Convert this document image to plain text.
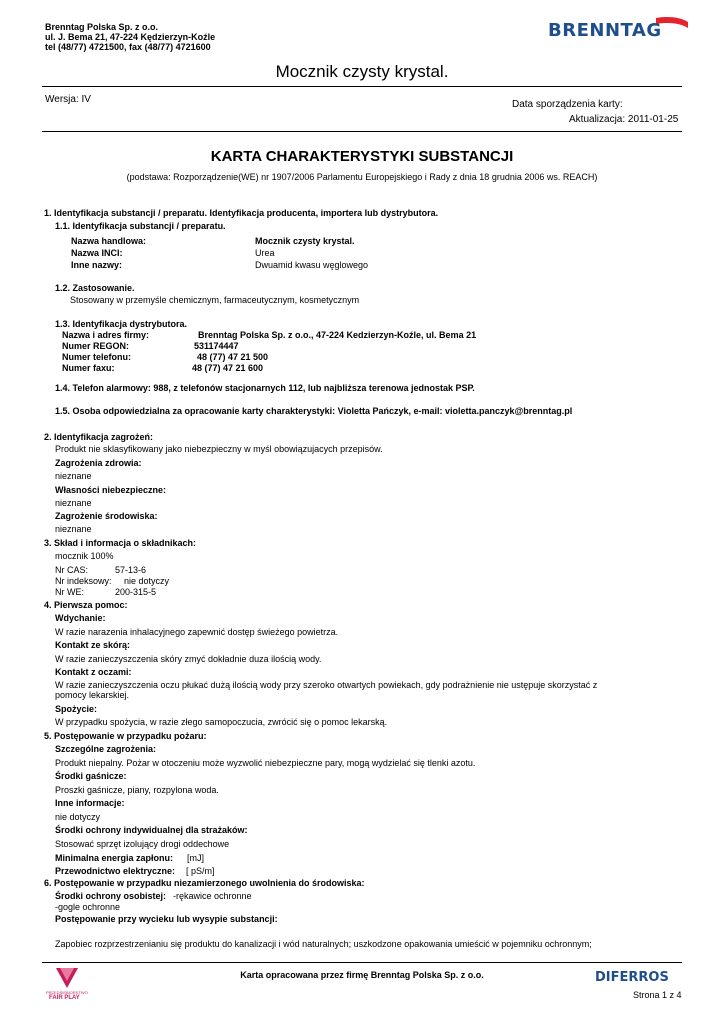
Brenntag Polska Sp. z o.o.
ul. J. Bema 21, 47-224 Kędzierzyn-Koźle
tel (48/77) 4721500, fax (48/77) 4721600
BRENNTAG
Mocznik czysty krystal.
Wersja: IV	Data sporządzenia karty:
Aktualizacja: 2011-01-25
KARTA CHARAKTERYSTYKI SUBSTANCJI
(podstawa: Rozporządzenie(WE) nr 1907/2006 Parlamentu Europejskiego i Rady z dnia 18 grudnia 2006 ws. REACH)
1. Identyfikacja substancji / preparatu. Identyfikacja producenta, importera lub dystrybutora.
1.1. Identyfikacja substancji / preparatu.
Nazwa handlowa:	Mocznik czysty krystal.
Nazwa INCI:	Urea
Inne nazwy:	Dwuamid kwasu węglowego
1.2. Zastosowanie.
Stosowany w przemyśle chemicznym, farmaceutycznym, kosmetycznym
1.3. Identyfikacja dystrybutora.
Nazwa i adres firmy:	Brenntag Polska Sp. z o.o., 47-224 Kedzierzyn-Koźle, ul. Bema 21
Numer REGON:	531174447
Numer telefonu:	48 (77) 47 21 500
Numer faxu:	48 (77) 47 21 600
1.4. Telefon alarmowy: 988, z telefonów stacjonarnych 112, lub najbliższa terenowa jednostak PSP.
1.5. Osoba odpowiedzialna za opracowanie karty charakterystyki: Violetta Pańczyk, e-mail: violetta.panczyk@brenntag.pl
2. Identyfikacja zagrożeń:
Produkt nie sklasyfikowany jako niebezpieczny w myśl obowiązujacych przepisów.
Zagrożenia zdrowia:
nieznane
Własności niebezpieczne:
nieznane
Zagrożenie środowiska:
nieznane
3. Skład i informacja o składnikach:
mocznik 100%
Nr CAS:	57-13-6
Nr indeksowy: nie dotyczy
Nr WE:	200-315-5
4. Pierwsza pomoc:
Wdychanie:
W razie narazenia inhalacyjnego zapewnić dostęp świeżego powietrza.
Kontakt ze skórą:
W razie zanieczyszczenia skóry zmyć dokładnie duza ilością wody.
Kontakt z oczami:
W razie zanieczyszczenia oczu płukać dużą ilością wody przy szeroko otwartych powiekach, gdy podrażnienie nie ustępuje skorzystać z
pomocy lekarskiej.
Spożycie:
W przypadku spożycia, w razie złego samopoczucia, zwrócić się o pomoc lekarską.
5. Postępowanie w przypadku pożaru:
Szczególne zagrożenia:
Produkt niepalny. Pożar w otoczeniu może wyzwolić niebezpieczne pary, mogą wydzielać się tlenki azotu.
Środki gaśnicze:
Proszki gaśnicze, piany, rozpylona woda.
Inne informacje:
nie dotyczy
Środki ochrony indywidualnej dla strażaków:
Stosować sprzęt izolujący drogi oddechowe
Minimalna energia zapłonu: [mJ]
Przewodnictwo elektryczne: [ pS/m]
6. Postępowanie w przypadku niezamierzonego uwolnienia do środowiska:
Środki ochrony osobistej: -rękawice ochronne
-gogle ochronne
Postępowanie przy wycieku lub wysypie substancji:
Zapobiec rozprzestrzenianiu się produktu do kanalizacji i wód naturalnych; uszkodzone opakowania umieścić w pojemniku ochronnym;
PRZEDSIĘBIORSTWO
FAIR PLAY
Karta opracowana przez firmę Brenntag Polska Sp. z o.o.	DIFERROS
Strona 1 z 4
